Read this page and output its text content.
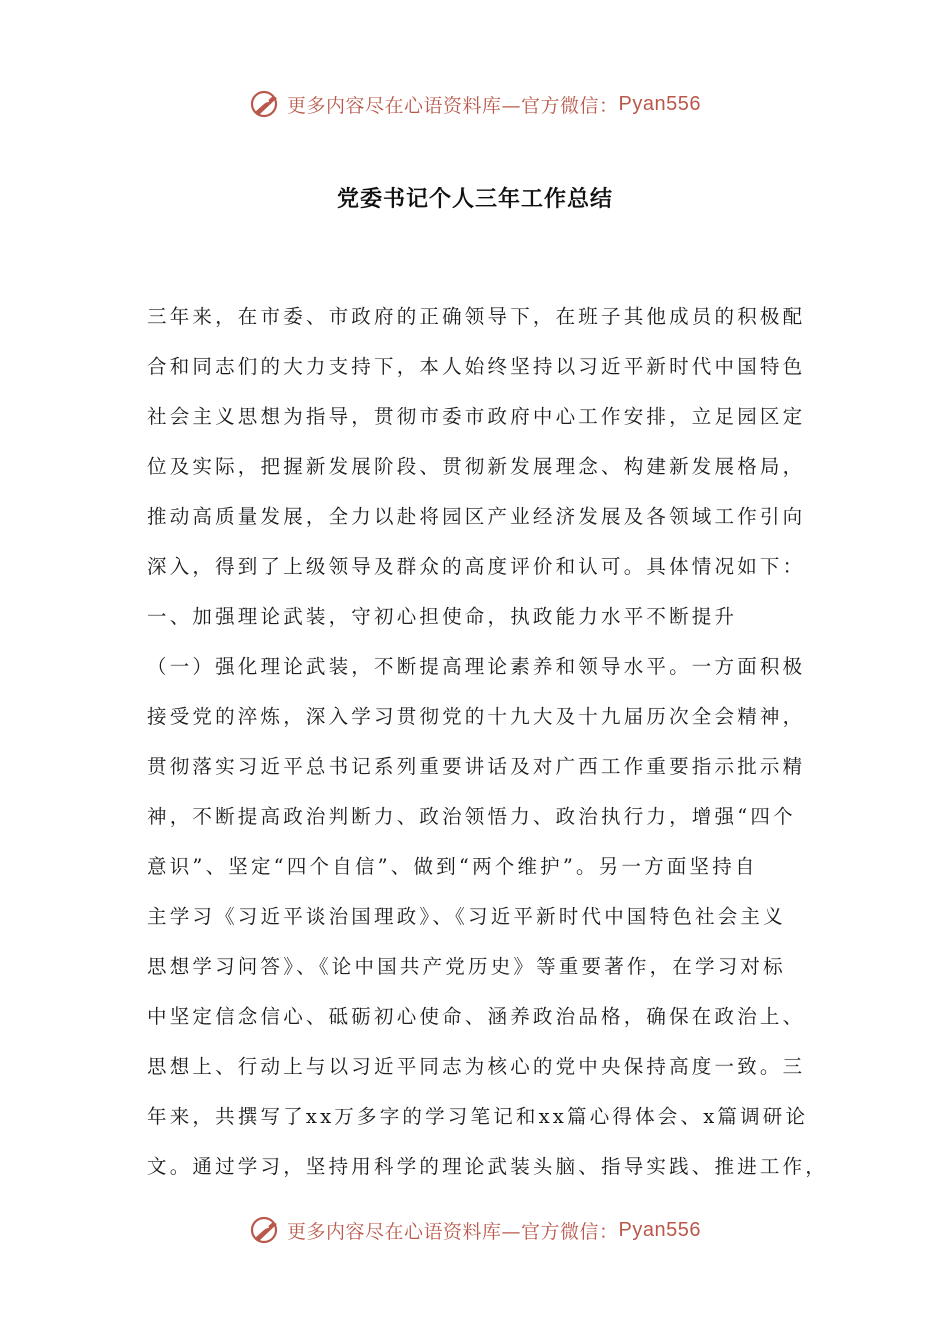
更多内容尽在心语资料库—官方微信： Pyan556
党委书记个人三年工作总结
三年来，在市委、市政府的正确领导下，在班子其他成员的积极配
合和同志们的大力支持下，本人始终坚持以习近平新时代中国特色
社会主义思想为指导，贯彻市委市政府中心工作安排，立足园区定
位及实际，把握新发展阶段、贯彻新发展理念、构建新发展格局，
推动高质量发展，全力以赴将园区产业经济发展及各领域工作引向
深入，得到了上级领导及群众的高度评价和认可。具体情况如下：
一、加强理论武装，守初心担使命，执政能力水平不断提升
（一）强化理论武装，不断提高理论素养和领导水平。一方面积极
接受党的淬炼，深入学习贯彻党的十九大及十九届历次全会精神，
贯彻落实习近平总书记系列重要讲话及对广西工作重要指示批示精
神，不断提高政治判断力、政治领悟力、政治执行力，增强“四个
意识”、坚定“四个自信”、做到“两个维护”。另一方面坚持自
主学习《习近平谈治国理政》、《习近平新时代中国特色社会主义
思想学习问答》、《论中国共产党历史》等重要著作，在学习对标
中坚定信念信心、砥砺初心使命、涵养政治品格，确保在政治上、
思想上、行动上与以习近平同志为核心的党中央保持高度一致。三
年来，共撰写了xx万多字的学习笔记和xx篇心得体会、x篇调研论
文。通过学习，坚持用科学的理论武装头脑、指导实践、推进工作，
更多内容尽在心语资料库—官方微信： Pyan556
